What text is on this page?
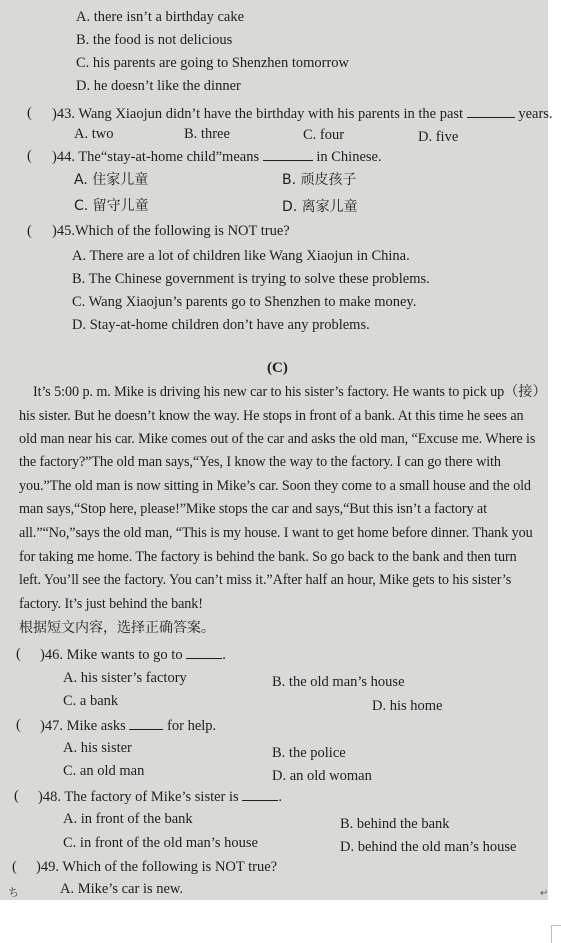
A. there isn’t a birthday cake
B. the food is not delicious
C. his parents are going to Shenzhen tomorrow
D. he doesn’t like the dinner
( )43. Wang Xiaojun didn’t have the birthday with his parents in the past	years.
A. two	B. three	C. four	D. five
( )44. The“stay-at-home child”means	in Chinese.
A. 住家儿童	B. 顽皮孩子
C. 留守儿童	D. 离家儿童
( )45.Which of the following is NOT true?
A. There are a lot of children like Wang Xiaojun in China.
B. The Chinese government is trying to solve these problems.
C. Wang Xiaojun’s parents go to Shenzhen to make money.
D. Stay-at-home children don’t have any problems.
(C)
It’s 5:00 p. m. Mike is driving his new car to his sister’s factory. He wants to pick up（接）
his sister. But he doesn’t know the way. He stops in front of a bank. At this time he sees an
old man near his car. Mike comes out of the car and asks the old man, “Excuse me. Where is
the factory?”The old man says,“Yes, I know the way to the factory. I can go there with
you.”The old man is now sitting in Mike’s car. Soon they come to a small house and the old
man says,“Stop here, please!”Mike stops the car and says,“But this isn’t a factory at
all.”“No,”says the old man, “This is my house. I want to get home before dinner. Thank you
for taking me home. The factory is behind the bank. So go back to the bank and then turn
left. You’ll see the factory. You can’t miss it.”After half an hour, Mike gets to his sister’s
factory. It’s just behind the bank!
根据短文内容，选择正确答案。
( )46. Mike wants to go to	.
A. his sister’s factory	B. the old man’s house
C. a bank	D. his home
( )47. Mike asks	for help.
A. his sister	B. the police
C. an old man	D. an old woman
( )48. The factory of Mike’s sister is	.
A. in front of the bank	B. behind the bank
C. in front of the old man’s house	D. behind the old man’s house
( )49. Which of the following is NOT true?
A. Mike’s car is new.
ち	↵
